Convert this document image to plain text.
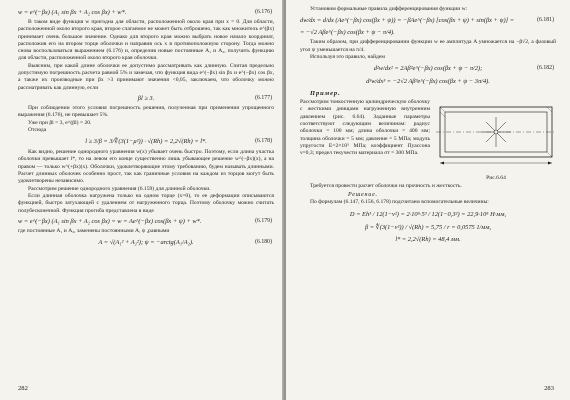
w = e^(−βx) (A₁ sin βx + A₂ cos βx) + w*.	(6.176)

В таком виде функция w пригодна для области, расположенной около края при x = 0. Для области, расположенной около второго края, второе слагаемое не может быть отброшено, так как множитель e^(βx) принимает очень большое значение. Однако для второго края можно выбрать новое начало координат, расположив его на втором торце оболочки и направив ось x в противоположную сторону. Тогда можно снова воспользоваться выражением (6.176) и, определив новые постоянные A₁ и A₂, получить функцию для области, расположенной около второго края оболочки.

Выясним, при какой длине оболочки ее допустимо рассматривать как длинную. Считая предельно допустимую погрешность расчета равной 5% и замечая, что функция вида e^(−βx) sin βx и e^(−βx) cos βx, а также их производные при βx >3 принимают значения <0,05, заключаем, что оболочку можно рассматривать как длинную, если

βl ≥ 3.	(6.177)

При соблюдении этого условия погрешность решения, полученная при применении упрощенного выражения (6.176), не превышает 5%.

Уже при βl = 3, e^(βl) = 20.

Отсюда

l ≥ 3/β = 3/∜(3(1−μ²)) · √(Rh) = 2,2√(Rh) = l*.	(6.178)

Как видно, решение однородного уравнения w(x) убывает очень быстро. Поэтому, если длина участка оболочки превышает l*, то на левом его конце существенно лишь убывающее решение w^(−βx)(x), а на правом — только w^(+βx)(x). Оболочки, удовлетворяющие этому требованию, будем называть длинными. Расчет длинных оболочек особенно прост, так как граничные условия на каждом из торцов могут быть удовлетворены независимо.

Рассмотрим решение однородного уравнения (6.159) для длинной оболочки.

Если длинная оболочка нагружена только на одном торце (x=0), то ее деформации описываются функцией, быстро затухающей с удалением от нагруженного торца. Поэтому оболочку можно считать полубесконечной. Функция прогиба представлена в виде

w = e^(−βx) (A₁ sin βx + A₂ cos βx) = w = Ae^(−βx) cos(βx + ψ) + w*.	(6.179)

где постоянные A₁ и A₂, заменены постоянными A, ψ ,равными

A = √(A₁² + A₂²); ψ = −arctg(A₁/A₂).	(6.180)
282

Установим формальные правила дифференцирования функции w:

dw/dx = d/dx (Ae^(−βx) cos(βx + ψ)) = −βAe^(−βx) [cos(βx + ψ) + sin(βx + ψ)] =	(6.181)
= −√2 Aβe^(−βx) cos(βx + ψ − π/4).

Таким образом, при дифференцировании функции w ее амплитуда A умножается на −β√2, а фазовый угол ψ уменьшается на π/4.

Используя это правило, найдем

d²w/dx² = 2Aβ²e^(−βx) cos(βx + ψ − π/2);	(6.182)
d³w/dx³ = −2√2 Aβ³e^(−βx) cos(βx + ψ − 3π/4).
Пример.

Рассмотрим тонкостенную цилиндрическую оболочку с жесткими днищами нагруженную внутренним давлением (рис. 6.64). Заданные параметры соответствуют следующим величинам: радиус оболочки = 100 мм; длина оболочки = 400 мм; толщина оболочки = 5 мм; давление = 5 МПа; модуль упругости E=2×10⁵ МПа; коэффициент Пуассона ν=0,3; предел текучести материала σт = 300 МПа.

Рис.6.64

Требуется провести расчет оболочки на прочность и жесткость.

Решение.

По формулам (6.147, 6.156, 6.178) подсчитаем вспомогательные величины:

D = Eh³ / 12(1−ν²) = 2·10⁵·5³ / 12(1−0,3²) = 22,9·10⁵ Н·мм,
β = ∜(3(1−ν²)) / √(Rh) = 5,75 / r = 0,0575 1/мм,
l* = 2,2√(Rh) = 48,4 мм.
283
